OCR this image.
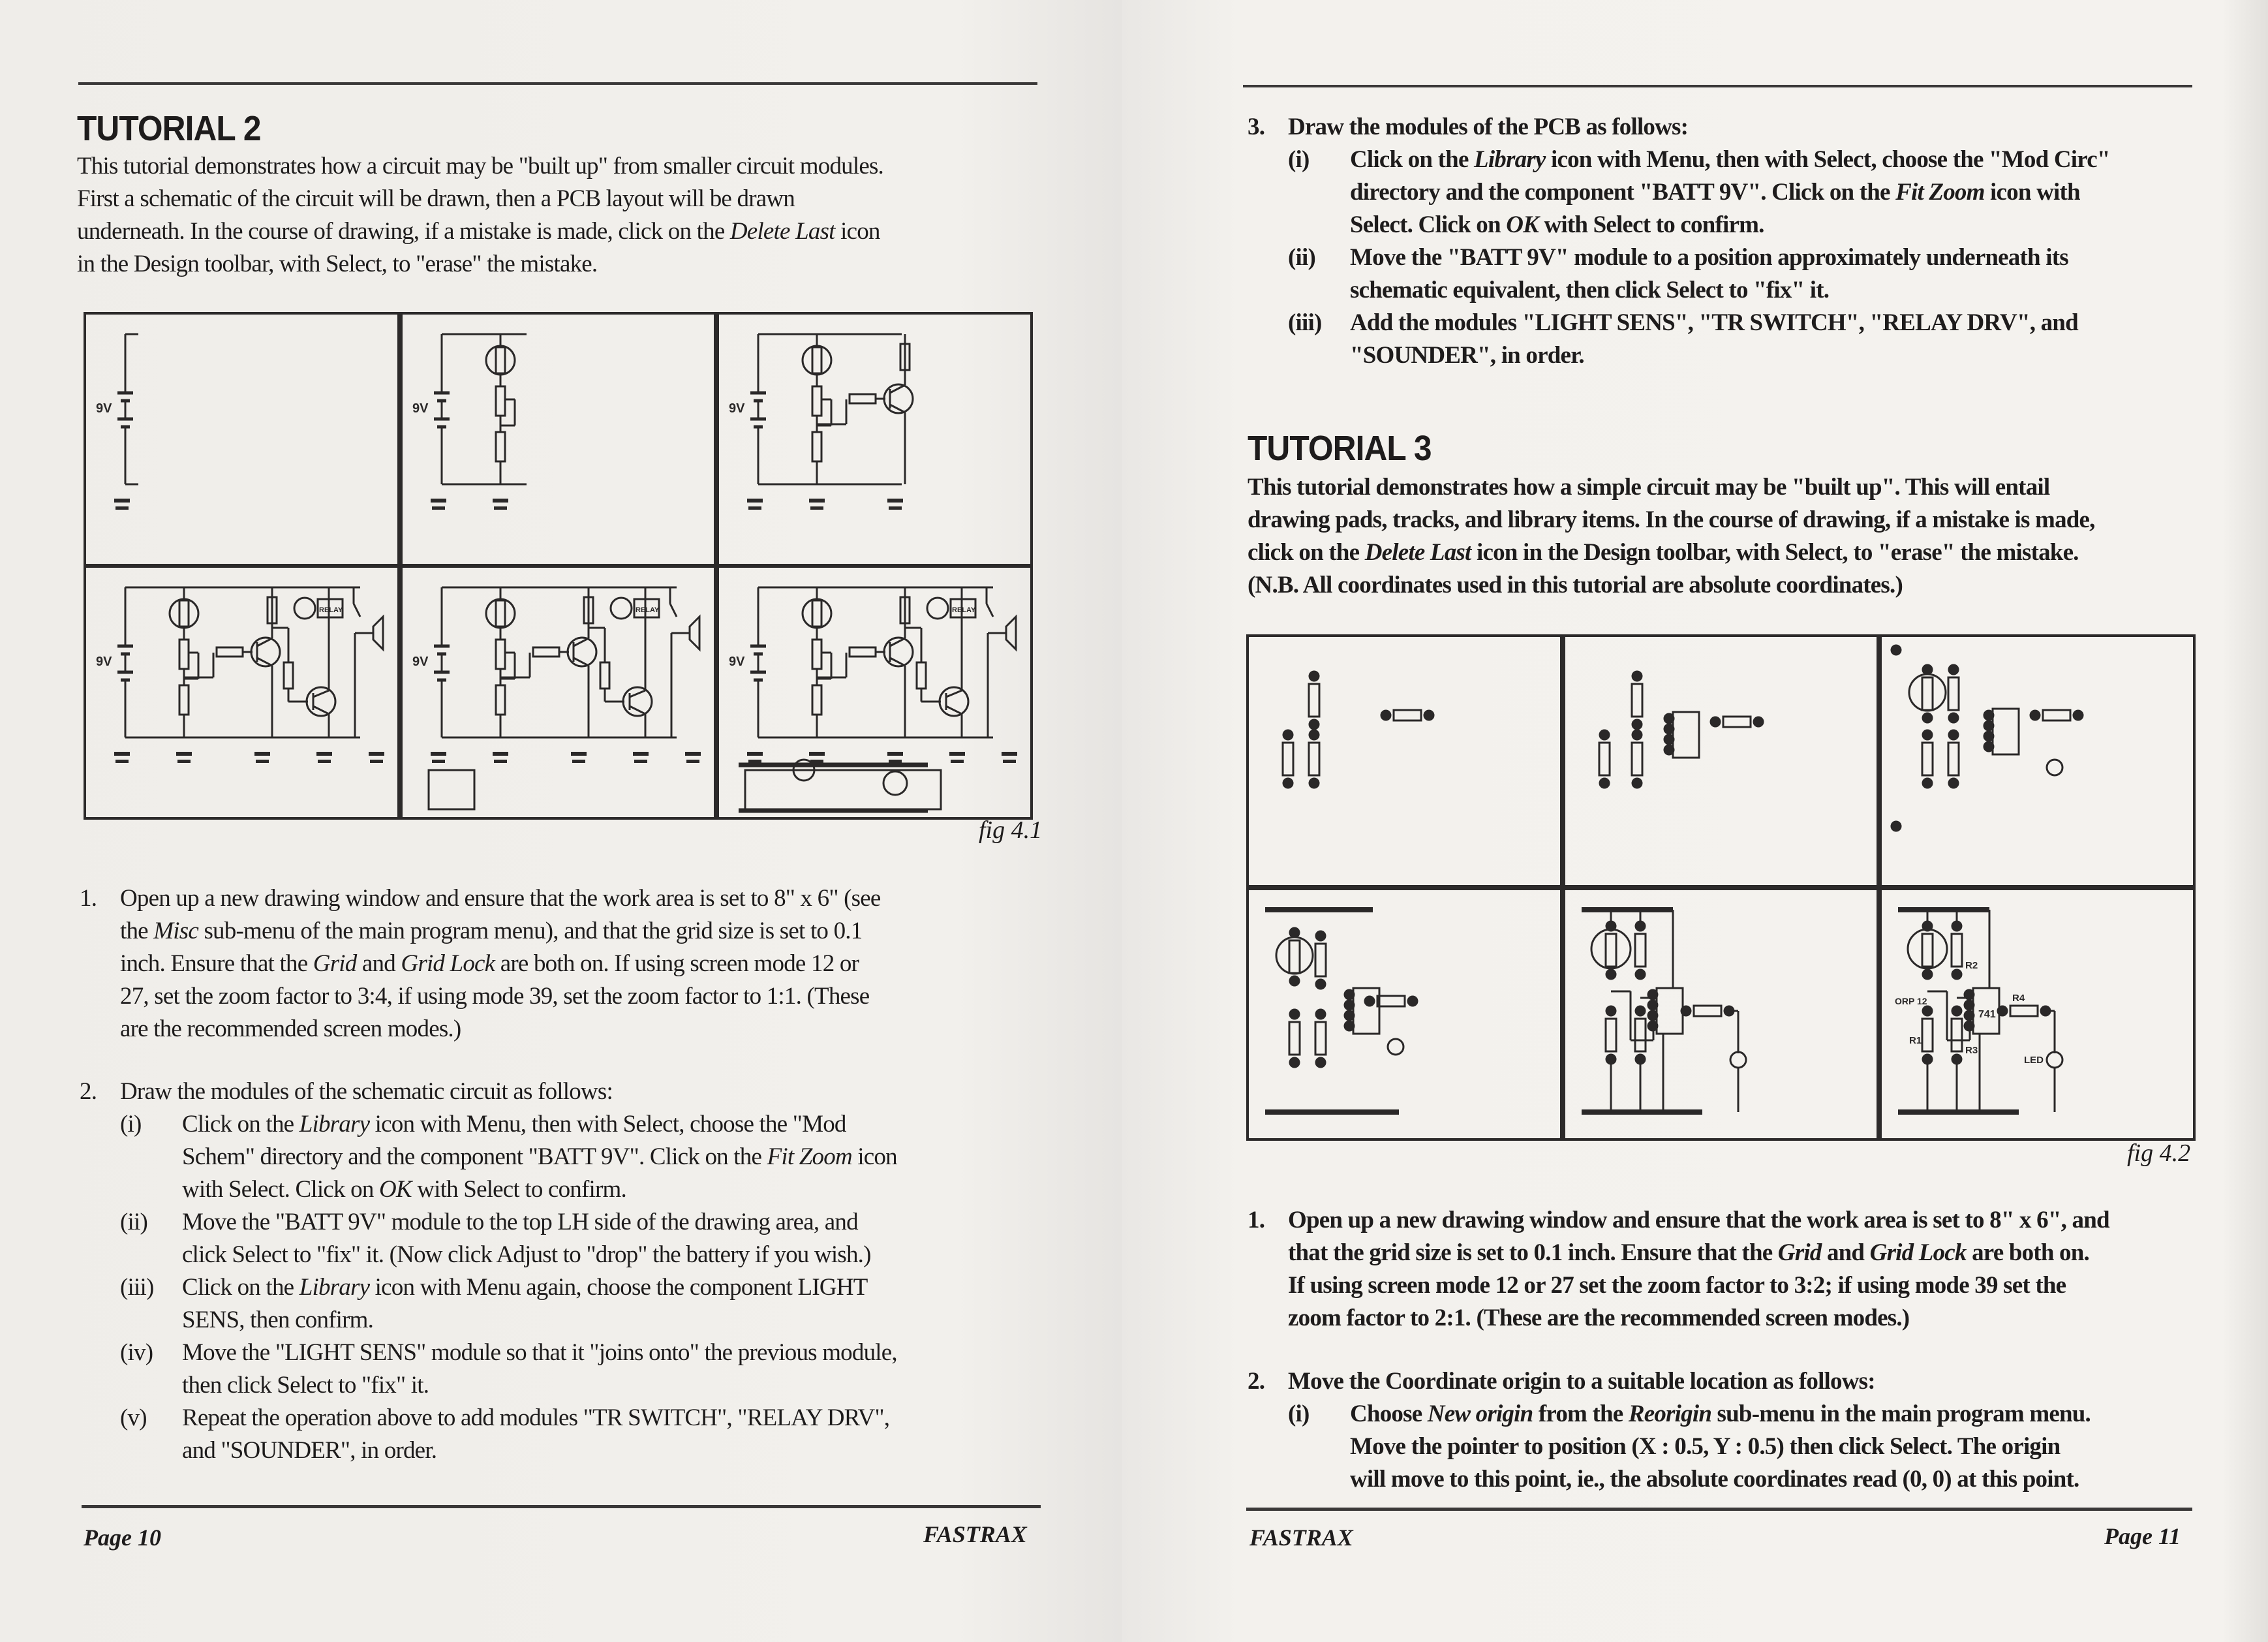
TUTORIAL 2
This tutorial demonstrates how a circuit may be "built up" from smaller circuit modules.
First a schematic of the circuit will be drawn, then a PCB layout will be drawn
underneath. In the course of drawing, if a mistake is made, click on the Delete Last icon
in the Design toolbar, with Select, to "erase" the mistake.
9V	9V	9V
9V
RELAY
9V
RELAY
9V
RELAY
fig 4.1
1. Open up a new drawing window and ensure that the work area is set to 8" x 6" (see
the Misc sub-menu of the main program menu), and that the grid size is set to 0.1
inch. Ensure that the Grid and Grid Lock are both on. If using screen mode 12 or
27, set the zoom factor to 3:4, if using mode 39, set the zoom factor to 1:1. (These
are the recommended screen modes.)
2. Draw the modules of the schematic circuit as follows:
(i) Click on the Library icon with Menu, then with Select, choose the "Mod
Schem" directory and the component "BATT 9V". Click on the Fit Zoom icon
with Select. Click on OK with Select to confirm.
(ii) Move the "BATT 9V" module to the top LH side of the drawing area, and
click Select to "fix" it. (Now click Adjust to "drop" the battery if you wish.)
(iii) Click on the Library icon with Menu again, choose the component LIGHT
SENS, then confirm.
(iv) Move the "LIGHT SENS" module so that it "joins onto" the previous module,
then click Select to "fix" it.
(v) Repeat the operation above to add modules "TR SWITCH", "RELAY DRV",
and "SOUNDER", in order.
Page 10	FASTRAX
3. Draw the modules of the PCB as follows:
(i) Click on the Library icon with Menu, then with Select, choose the "Mod Circ"
directory and the component "BATT 9V". Click on the Fit Zoom icon with
Select. Click on OK with Select to confirm.
(ii) Move the "BATT 9V" module to a position approximately underneath its
schematic equivalent, then click Select to "fix" it.
(iii) Add the modules "LIGHT SENS", "TR SWITCH", "RELAY DRV", and
"SOUNDER", in order.
TUTORIAL 3
This tutorial demonstrates how a simple circuit may be "built up". This will entail
drawing pads, tracks, and library items. In the course of drawing, if a mistake is made,
click on the Delete Last icon in the Design toolbar, with Select, to "erase" the mistake.
(N.B. All coordinates used in this tutorial are absolute coordinates.)
741
R2
ORP 12
R1
R3
R4
LED
fig 4.2
1. Open up a new drawing window and ensure that the work area is set to 8" x 6", and
that the grid size is set to 0.1 inch. Ensure that the Grid and Grid Lock are both on.
If using screen mode 12 or 27 set the zoom factor to 3:2; if using mode 39 set the
zoom factor to 2:1. (These are the recommended screen modes.)
2. Move the Coordinate origin to a suitable location as follows:
(i) Choose New origin from the Reorigin sub-menu in the main program menu.
Move the pointer to position (X : 0.5, Y : 0.5) then click Select. The origin
will move to this point, ie., the absolute coordinates read (0, 0) at this point.
FASTRAX	Page 11
